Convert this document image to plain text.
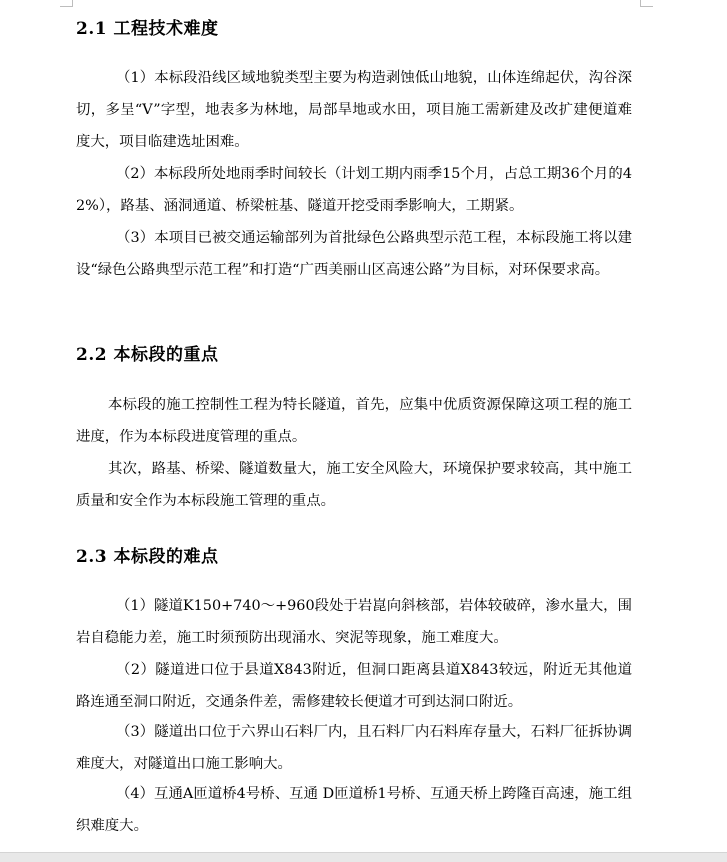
2.1 工程技术难度
（1）本标段沿线区域地貌类型主要为构造剥蚀低山地貌，山体连绵起伏，沟谷深切，多呈“V”字型，地表多为林地，局部旱地或水田，项目施工需新建及改扩建便道难度大，项目临建选址困难。
（2）本标段所处地雨季时间较长（计划工期内雨季15个月，占总工期36个月的42%），路基、涵洞通道、桥梁桩基、隧道开挖受雨季影响大，工期紧。
（3）本项目已被交通运输部列为首批绿色公路典型示范工程，本标段施工将以建设“绿色公路典型示范工程”和打造“广西美丽山区高速公路”为目标，对环保要求高。
2.2 本标段的重点
本标段的施工控制性工程为特长隧道，首先，应集中优质资源保障这项工程的施工进度，作为本标段进度管理的重点。
其次，路基、桥梁、隧道数量大，施工安全风险大，环境保护要求较高，其中施工质量和安全作为本标段施工管理的重点。
2.3 本标段的难点
（1）隧道K150+740～+960段处于岩崑向斜核部，岩体较破碎，渗水量大，围岩自稳能力差，施工时须预防出现涌水、突泥等现象，施工难度大。
（2）隧道进口位于县道X843附近，但洞口距离县道X843较远，附近无其他道路连通至洞口附近，交通条件差，需修建较长便道才可到达洞口附近。
（3）隧道出口位于六界山石料厂内，且石料厂内石料库存量大，石料厂征拆协调难度大，对隧道出口施工影响大。
（4）互通A匝道桥4号桥、互通 D匝道桥1号桥、互通天桥上跨隆百高速，施工组织难度大。
